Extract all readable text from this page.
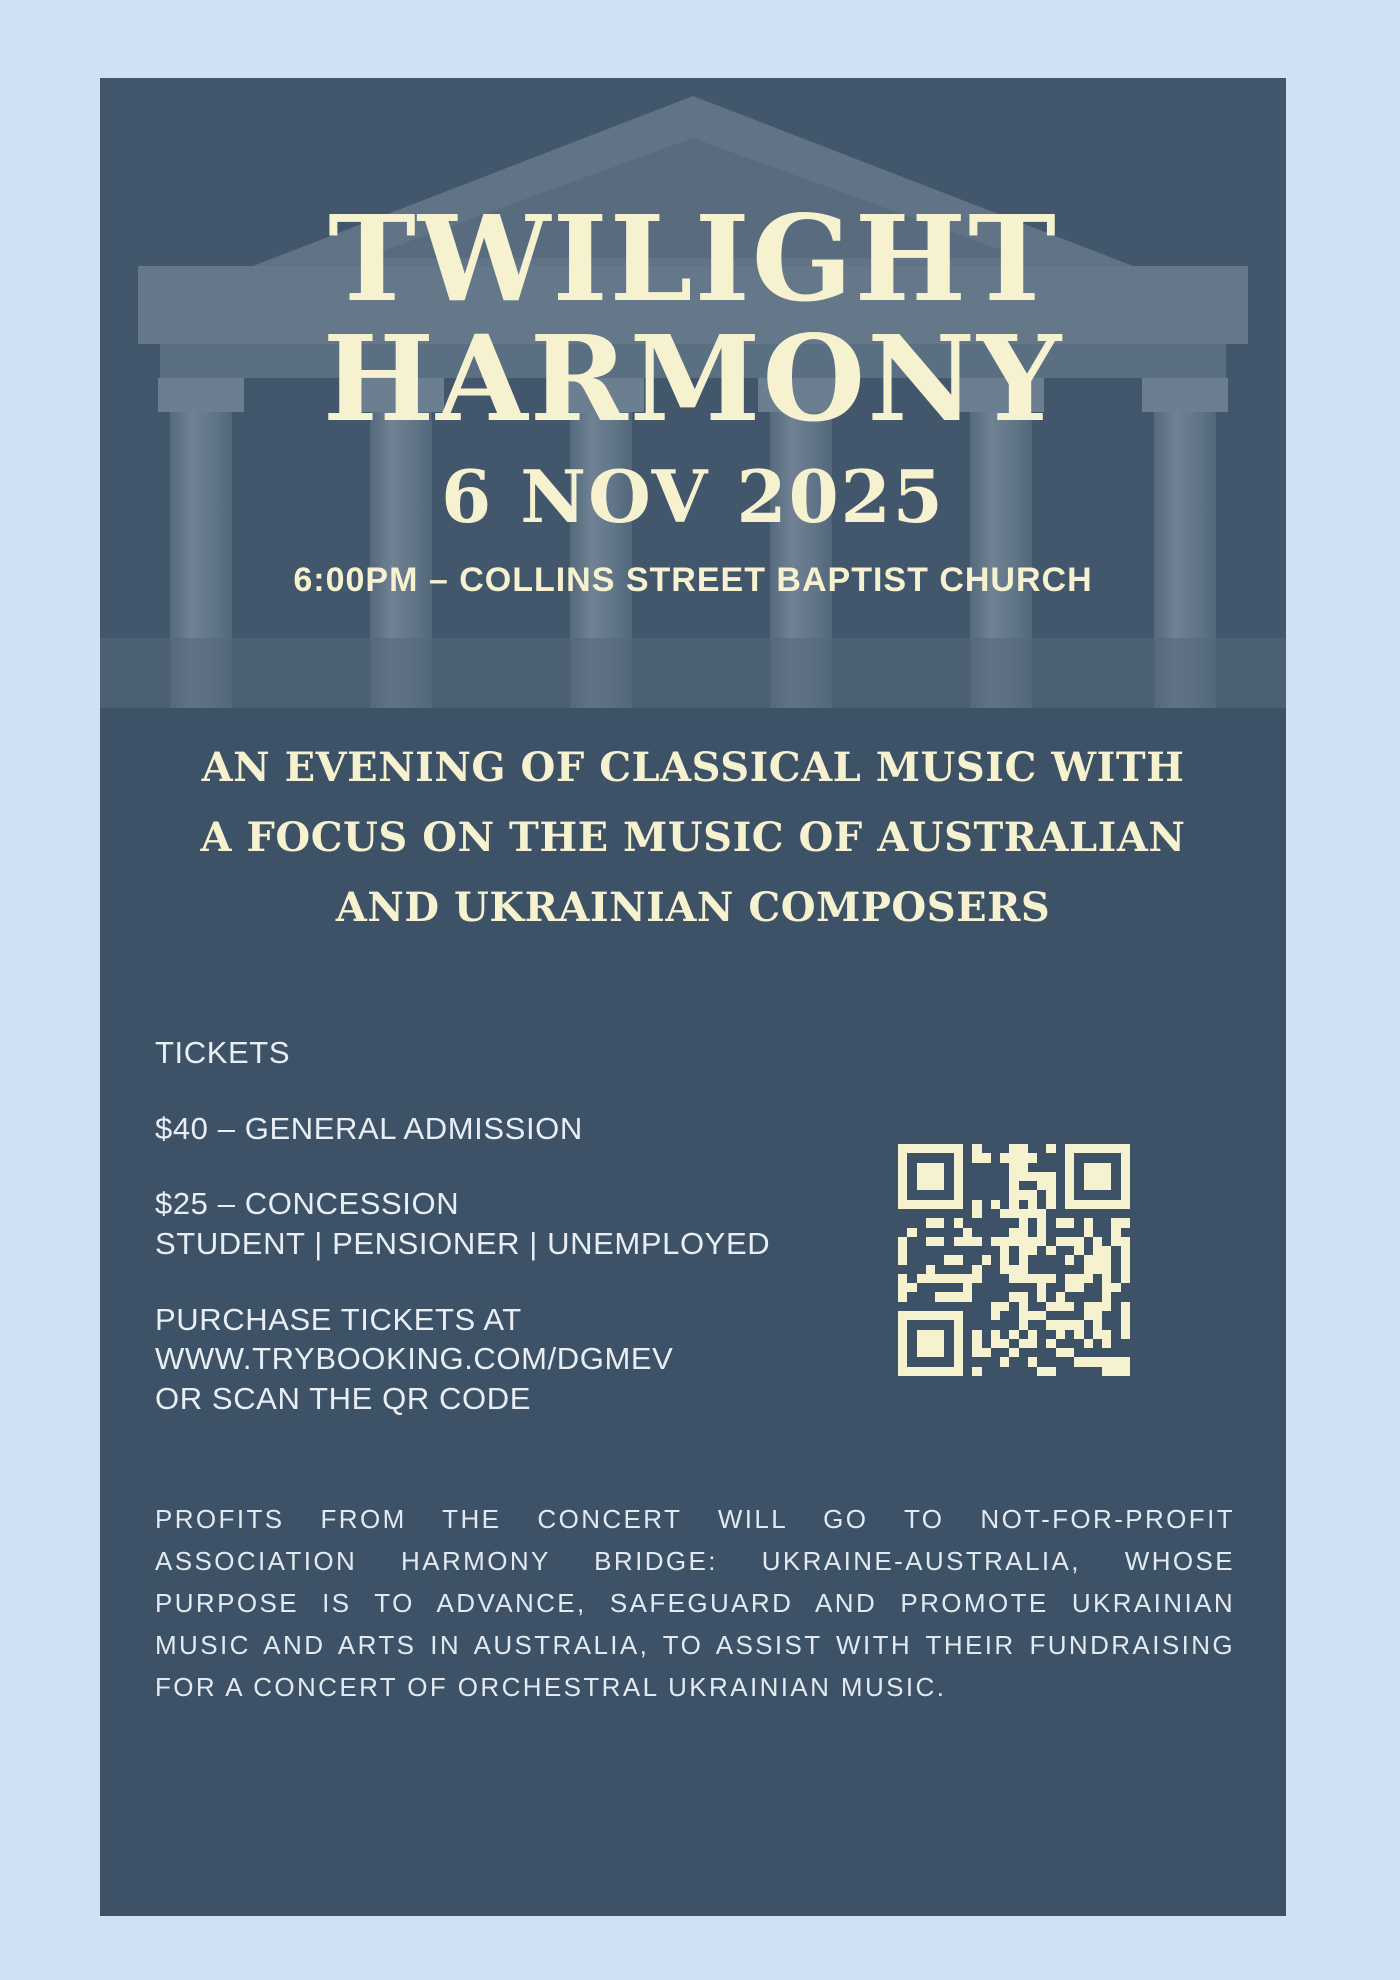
TWILIGHT
HARMONY
6 NOV 2025
6:00PM – COLLINS STREET BAPTIST CHURCH
AN EVENING OF CLASSICAL MUSIC WITH
A FOCUS ON THE MUSIC OF AUSTRALIAN
AND UKRAINIAN COMPOSERS
TICKETS
$40 – GENERAL ADMISSION
$25 – CONCESSION
STUDENT | PENSIONER | UNEMPLOYED
PURCHASE TICKETS AT
WWW.TRYBOOKING.COM/DGMEV
OR SCAN THE QR CODE
PROFITS FROM THE CONCERT WILL GO TO NOT-FOR-PROFIT ASSOCIATION HARMONY BRIDGE: UKRAINE-AUSTRALIA, WHOSE PURPOSE IS TO ADVANCE, SAFEGUARD AND PROMOTE UKRAINIAN MUSIC AND ARTS IN AUSTRALIA, TO ASSIST WITH THEIR FUNDRAISING FOR A CONCERT OF ORCHESTRAL UKRAINIAN MUSIC.
